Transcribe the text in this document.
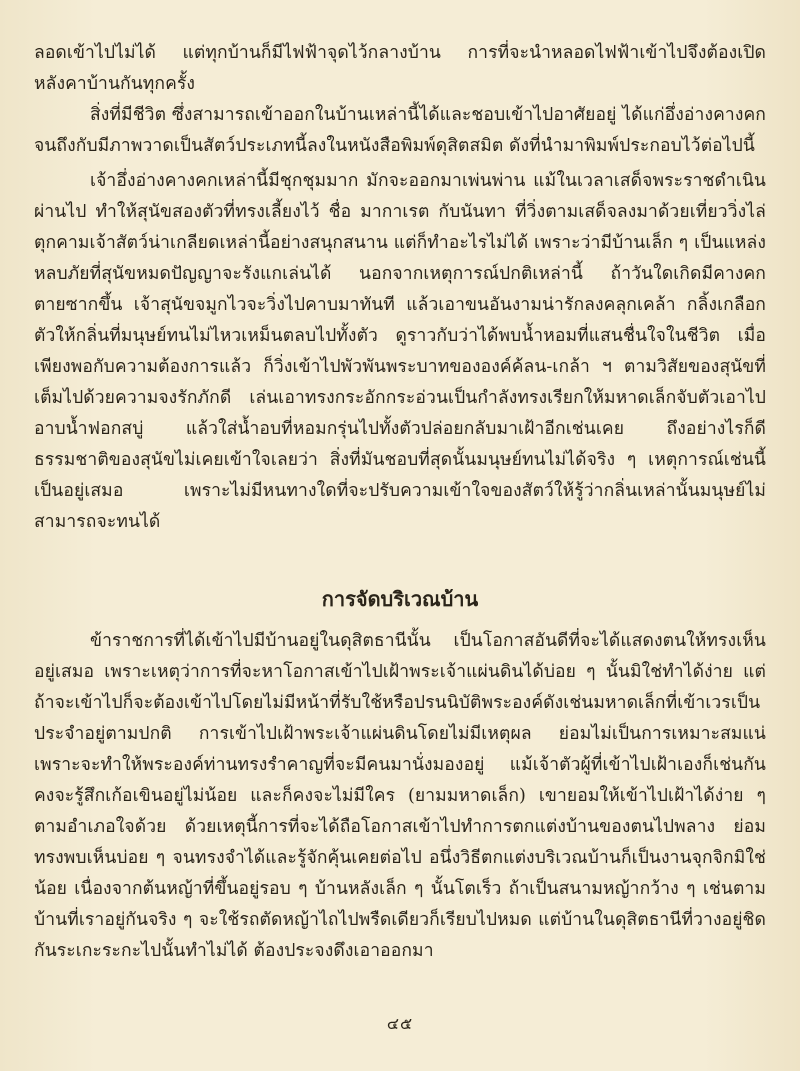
ลอดเข้าไปไม่ได้ แต่ทุกบ้านก็มีไฟฟ้าจุดไว้กลางบ้าน การที่จะนำหลอดไฟฟ้าเข้าไปจึงต้องเปิดหลังคาบ้านกันทุกครั้ง

สิ่งที่มีชีวิต ซึ่งสามารถเข้าออกในบ้านเหล่านี้ได้และชอบเข้าไปอาศัยอยู่ ได้แก่อึ่งอ่างคางคก จนถึงกับมีภาพวาดเป็นสัตว์ประเภทนี้ลงในหนังสือพิมพ์ดุสิตสมิต ดังที่นำมาพิมพ์ประกอบไว้ต่อไปนี้

เจ้าอึ่งอ่างคางคกเหล่านี้มีชุกชุมมาก มักจะออกมาเพ่นพ่าน แม้ในเวลาเสด็จพระราชดำเนินผ่านไป ทำให้สุนัขสองตัวที่ทรงเลี้ยงไว้ ชื่อ มากาเรต กับนันทา ที่วิ่งตามเสด็จลงมาด้วยเที่ยววิ่งไล่ตุกคามเจ้าสัตว์น่าเกลียดเหล่านี้อย่างสนุกสนาน แต่ก็ทำอะไรไม่ได้ เพราะว่ามีบ้านเล็ก ๆ เป็นแหล่งหลบภัยที่สุนัขหมดปัญญาจะรังแกเล่นได้ นอกจากเหตุการณ์ปกติเหล่านี้ ถ้าวันใดเกิดมีคางคกตายซากขึ้น เจ้าสุนัขจมูกไวจะวิ่งไปคาบมาทันที แล้วเอาขนอันงามน่ารักลงคลุกเคล้า กลิ้งเกลือกตัวให้กลิ่นที่มนุษย์ทนไม่ไหวเหม็นตลบไปทั้งตัว ดูราวกับว่าได้พบน้ำหอมที่แสนชื่นใจในชีวิต เมื่อเพียงพอกับความต้องการแล้ว ก็วิ่งเข้าไปพัวพันพระบาทขององค์ค้ลน-เกล้า ฯ ตามวิสัยของสุนัขที่เต็มไปด้วยความจงรักภักดี เล่นเอาทรงกระอักกระอ่วนเป็นกำลังทรงเรียกให้มหาดเล็กจับตัวเอาไปอาบน้ำฟอกสบู่ แล้วใส่น้ำอบที่หอมกรุ่นไปทั้งตัวปล่อยกลับมาเฝ้าอีกเช่นเคย ถึงอย่างไรก็ดีธรรมชาติของสุนัขไม่เคยเข้าใจเลยว่า สิ่งที่มันชอบที่สุดนั้นมนุษย์ทนไม่ได้จริง ๆ เหตุการณ์เช่นนี้เป็นอยู่เสมอ เพราะไม่มีหนทางใดที่จะปรับความเข้าใจของสัตว์ให้รู้ว่ากลิ่นเหล่านั้นมนุษย์ไม่สามารถจะทนได้

การจัดบริเวณบ้าน

ข้าราชการที่ได้เข้าไปมีบ้านอยู่ในดุสิตธานีนั้น เป็นโอกาสอันดีที่จะได้แสดงตนให้ทรงเห็นอยู่เสมอ เพราะเหตุว่าการที่จะหาโอกาสเข้าไปเฝ้าพระเจ้าแผ่นดินได้บ่อย ๆ นั้นมิใช่ทำได้ง่าย แต่ถ้าจะเข้าไปก็จะต้องเข้าไปโดยไม่มีหน้าที่รับใช้หรือปรนนิบัติพระองค์ดังเช่นมหาดเล็กที่เข้าเวรเป็นประจำอยู่ตามปกติ การเข้าไปเฝ้าพระเจ้าแผ่นดินโดยไม่มีเหตุผล ย่อมไม่เป็นการเหมาะสมแน่ เพราะจะทำให้พระองค์ท่านทรงรำคาญที่จะมีคนมานั่งมองอยู่ แม้เจ้าตัวผู้ที่เข้าไปเฝ้าเองก็เช่นกันคงจะรู้สึกเก้อเขินอยู่ไม่น้อย และก็คงจะไม่มีใคร (ยามมหาดเล็ก) เขายอมให้เข้าไปเฝ้าได้ง่าย ๆ ตามอำเภอใจด้วย ด้วยเหตุนี้การที่จะได้ถือโอกาสเข้าไปทำการตกแต่งบ้านของตนไปพลาง ย่อมทรงพบเห็นบ่อย ๆ จนทรงจำได้และรู้จักคุ้นเคยต่อไป อนึ่งวิธีตกแต่งบริเวณบ้านก็เป็นงานจุกจิกมิใช่น้อย เนื่องจากต้นหญ้าที่ขึ้นอยู่รอบ ๆ บ้านหลังเล็ก ๆ นั้นโตเร็ว ถ้าเป็นสนามหญ้ากว้าง ๆ เช่นตามบ้านที่เราอยู่กันจริง ๆ จะใช้รถตัดหญ้าไถไปพรืดเดียวก็เรียบไปหมด แต่บ้านในดุสิตธานีที่วางอยู่ชิดกันระเกะระกะไปนั้นทำไม่ได้ ต้องประจงดึงเอาออกมา

๔๕
